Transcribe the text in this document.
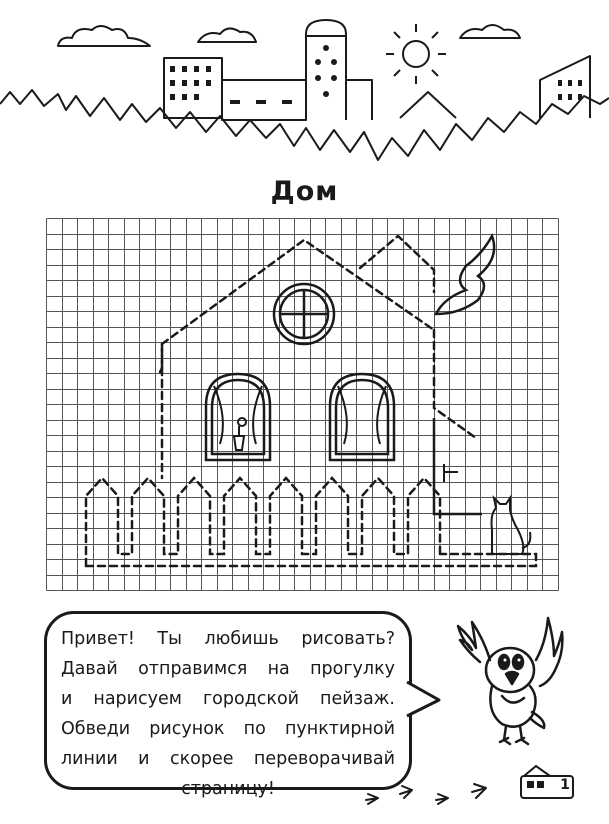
Дом
Привет! Ты любишь рисовать?
Давай отправимся на прогулку
и нарисуем городской пейзаж.
Обведи рисунок по пунктирной
линии и скорее переворачивай
страницу!	1
